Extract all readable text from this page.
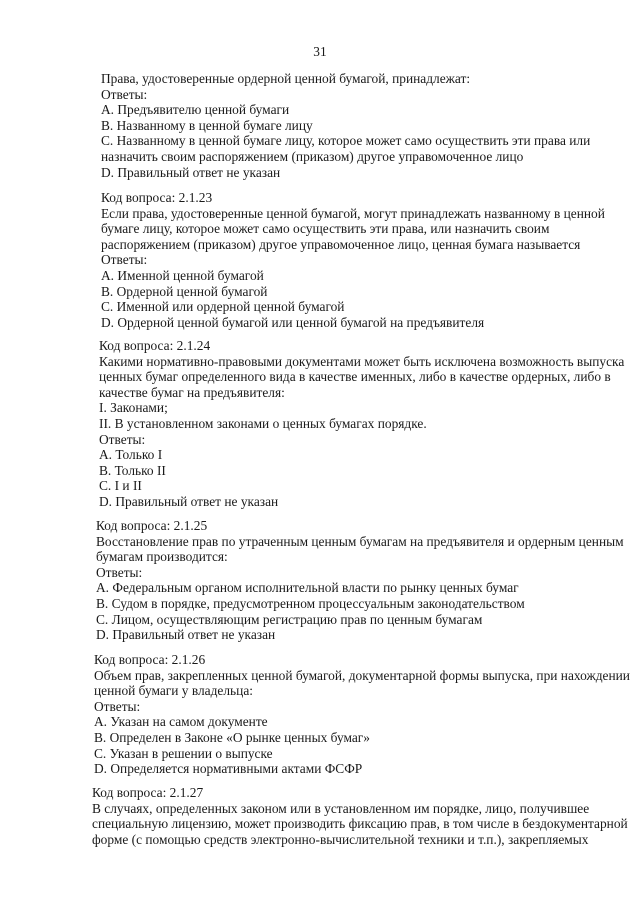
31
Права, удостоверенные ордерной ценной бумагой, принадлежат:
Ответы:
A. Предъявителю ценной бумаги
B. Названному в ценной бумаге лицу
C. Названному в ценной бумаге лицу, которое может само осуществить эти права или
назначить своим распоряжением (приказом) другое управомоченное лицо
D. Правильный ответ не указан
Код вопроса: 2.1.23
Если права, удостоверенные ценной бумагой, могут принадлежать названному в ценной
бумаге лицу, которое может само осуществить эти права, или назначить своим
распоряжением (приказом) другое управомоченное лицо, ценная бумага называется
Ответы:
A. Именной ценной бумагой
B. Ордерной ценной бумагой
C. Именной или ордерной ценной бумагой
D. Ордерной ценной бумагой или ценной бумагой на предъявителя
Код вопроса: 2.1.24
Какими нормативно-правовыми документами может быть исключена возможность выпуска
ценных бумаг определенного вида в качестве именных, либо в качестве ордерных, либо в
качестве бумаг на предъявителя:
I. Законами;
II. В установленном законами о ценных бумагах порядке.
Ответы:
A. Только I
B. Только II
C. I и II
D. Правильный ответ не указан
Код вопроса: 2.1.25
Восстановление прав по утраченным ценным бумагам на предъявителя и ордерным ценным
бумагам производится:
Ответы:
A. Федеральным органом исполнительной власти по рынку ценных бумаг
B. Судом в порядке, предусмотренном процессуальным законодательством
C. Лицом, осуществляющим регистрацию прав по ценным бумагам
D. Правильный ответ не указан
Код вопроса: 2.1.26
Объем прав, закрепленных ценной бумагой, документарной формы выпуска, при нахождении
ценной бумаги у владельца:
Ответы:
A. Указан на самом документе
B. Определен в Законе «О рынке ценных бумаг»
C. Указан в решении о выпуске
D. Определяется нормативными актами ФСФР
Код вопроса: 2.1.27
В случаях, определенных законом или в установленном им порядке, лицо, получившее
специальную лицензию, может производить фиксацию прав, в том числе в бездокументарной
форме (с помощью средств электронно-вычислительной техники и т.п.), закрепляемых
